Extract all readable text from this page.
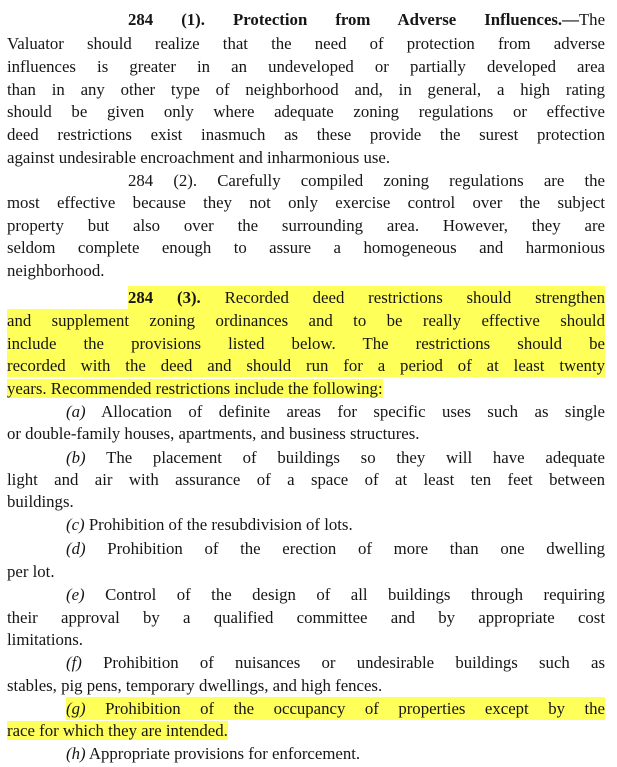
284 (1). Protection from Adverse Influences.—The
Valuator should realize that the need of protection from adverse
influences is greater in an undeveloped or partially developed area
than in any other type of neighborhood and, in general, a high rating
should be given only where adequate zoning regulations or effective
deed restrictions exist inasmuch as these provide the surest protection
against undesirable encroachment and inharmonious use.
284 (2). Carefully compiled zoning regulations are the
most effective because they not only exercise control over the subject
property but also over the surrounding area. However, they are
seldom complete enough to assure a homogeneous and harmonious
neighborhood.
284 (3). Recorded deed restrictions should strengthen
and supplement zoning ordinances and to be really effective should
include the provisions listed below. The restrictions should be
recorded with the deed and should run for a period of at least twenty
years. Recommended restrictions include the following:
(a) Allocation of definite areas for specific uses such as single
or double-family houses, apartments, and business structures.
(b) The placement of buildings so they will have adequate
light and air with assurance of a space of at least ten feet between
buildings.
(c) Prohibition of the resubdivision of lots.
(d) Prohibition of the erection of more than one dwelling
per lot.
(e) Control of the design of all buildings through requiring
their approval by a qualified committee and by appropriate cost
limitations.
(f) Prohibition of nuisances or undesirable buildings such as
stables, pig pens, temporary dwellings, and high fences.
(g) Prohibition of the occupancy of properties except by the
race for which they are intended.
(h) Appropriate provisions for enforcement.
